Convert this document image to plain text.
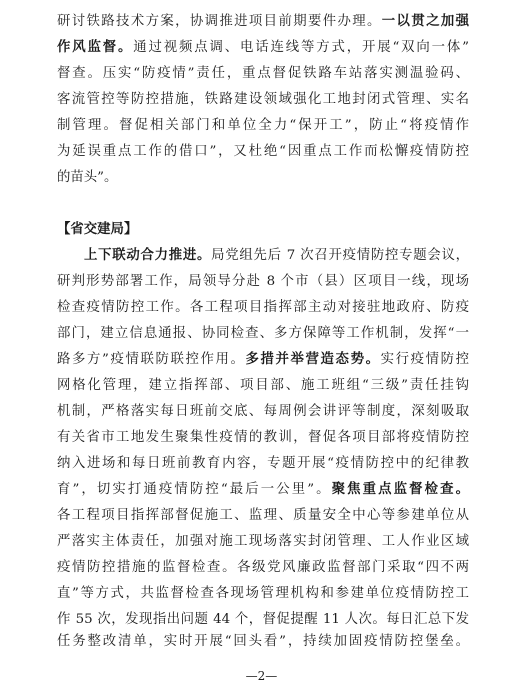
研讨铁路技术方案，协调推进项目前期要件办理。一以贯之加强
作风监督。通过视频点调、电话连线等方式，开展“双向一体”
督查。压实“防疫情”责任，重点督促铁路车站落实测温验码、
客流管控等防控措施，铁路建设领域强化工地封闭式管理、实名
制管理。督促相关部门和单位全力“保开工”，防止“将疫情作
为延误重点工作的借口”，又杜绝“因重点工作而松懈疫情防控
的苗头”。
【省交建局】
上下联动合力推进。局党组先后 7 次召开疫情防控专题会议，
研判形势部署工作，局领导分赴 8 个市（县）区项目一线，现场
检查疫情防控工作。各工程项目指挥部主动对接驻地政府、防疫
部门，建立信息通报、协同检查、多方保障等工作机制，发挥“一
路多方”疫情联防联控作用。多措并举营造态势。实行疫情防控
网格化管理，建立指挥部、项目部、施工班组“三级”责任挂钩
机制，严格落实每日班前交底、每周例会讲评等制度，深刻吸取
有关省市工地发生聚集性疫情的教训，督促各项目部将疫情防控
纳入进场和每日班前教育内容，专题开展“疫情防控中的纪律教
育”，切实打通疫情防控“最后一公里”。聚焦重点监督检查。
各工程项目指挥部督促施工、监理、质量安全中心等参建单位从
严落实主体责任，加强对施工现场落实封闭管理、工人作业区域
疫情防控措施的监督检查。各级党风廉政监督部门采取“四不两
直”等方式，共监督检查各现场管理机构和参建单位疫情防控工
作 55 次，发现指出问题 44 个，督促提醒 11 人次。每日汇总下发
任务整改清单，实时开展“回头看”，持续加固疫情防控堡垒。
—2—
